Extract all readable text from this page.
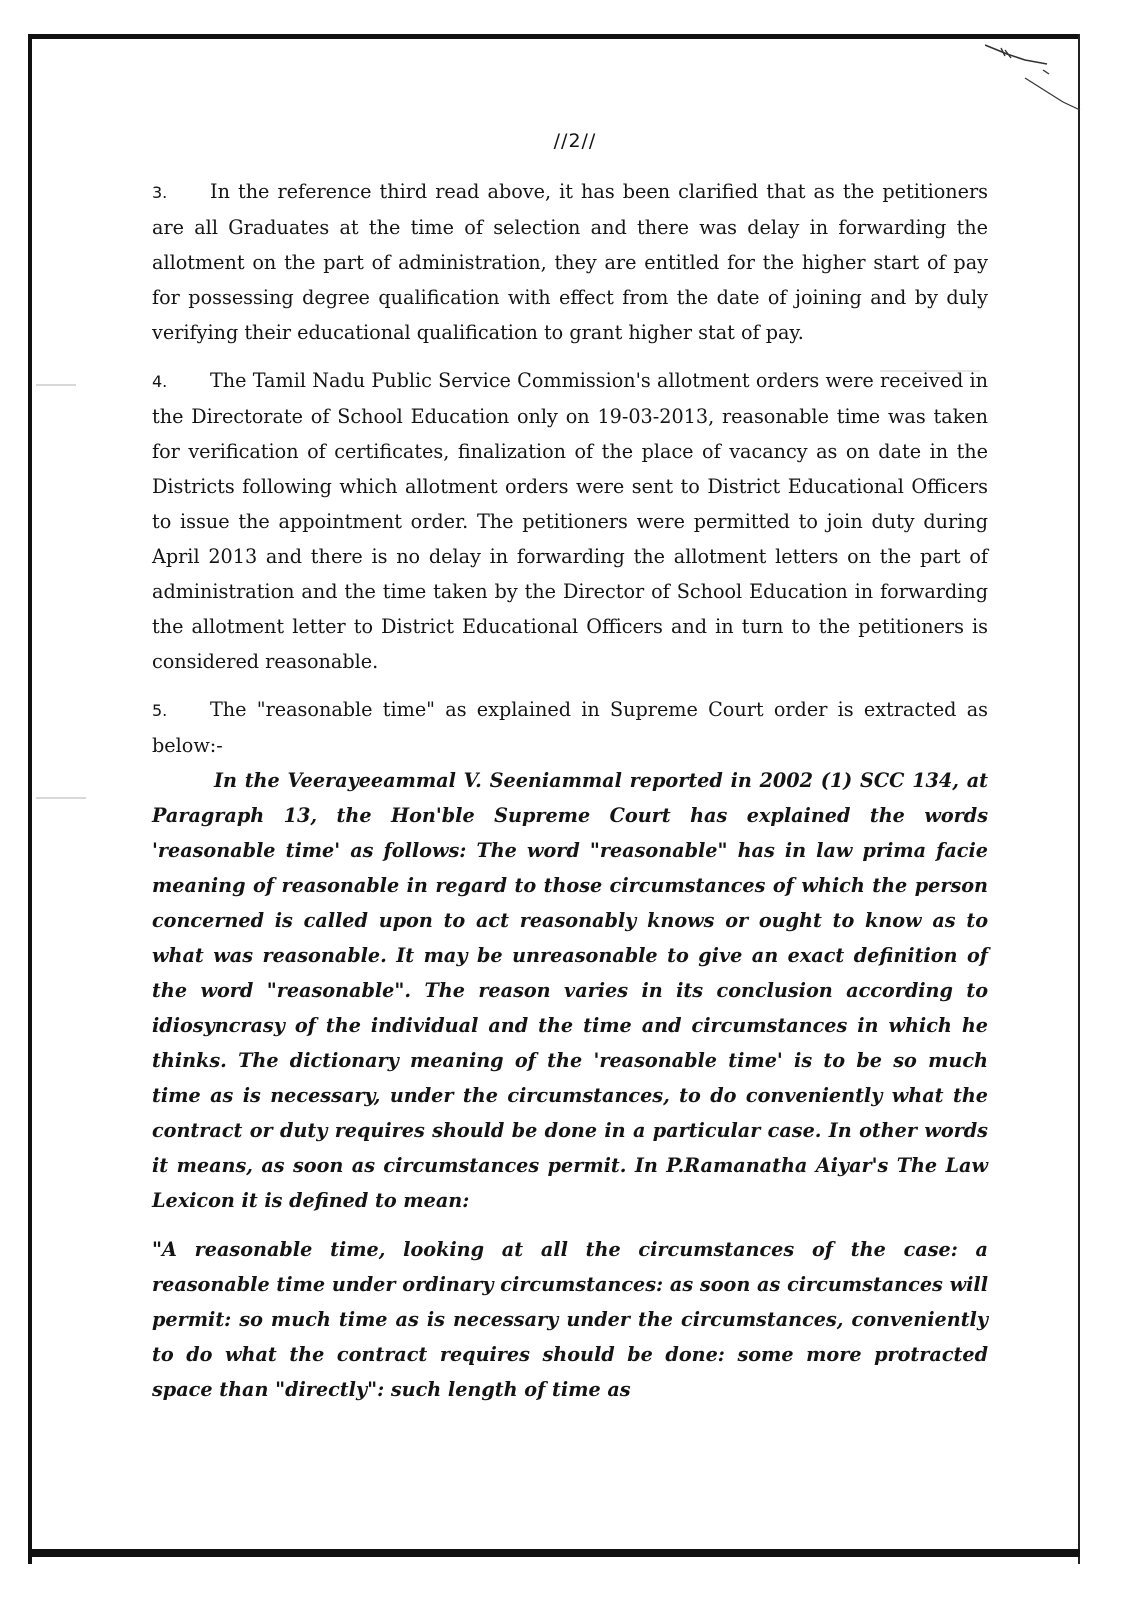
//2//

3. In the reference third read above, it has been clarified that as the petitioners are all Graduates at the time of selection and there was delay in forwarding the allotment on the part of administration, they are entitled for the higher start of pay for possessing degree qualification with effect from the date of joining and by duly verifying their educational qualification to grant higher stat of pay.

4. The Tamil Nadu Public Service Commission's allotment orders were received in the Directorate of School Education only on 19-03-2013, reasonable time was taken for verification of certificates, finalization of the place of vacancy as on date in the Districts following which allotment orders were sent to District Educational Officers to issue the appointment order. The petitioners were permitted to join duty during April 2013 and there is no delay in forwarding the allotment letters on the part of administration and the time taken by the Director of School Education in forwarding the allotment letter to District Educational Officers and in turn to the petitioners is considered reasonable.

5. The "reasonable time" as explained in Supreme Court order is extracted as below:-

In the Veerayeeammal V. Seeniammal reported in 2002 (1) SCC 134, at Paragraph 13, the Hon'ble Supreme Court has explained the words 'reasonable time' as follows: The word "reasonable" has in law prima facie meaning of reasonable in regard to those circumstances of which the person concerned is called upon to act reasonably knows or ought to know as to what was reasonable. It may be unreasonable to give an exact definition of the word "reasonable". The reason varies in its conclusion according to idiosyncrasy of the individual and the time and circumstances in which he thinks. The dictionary meaning of the 'reasonable time' is to be so much time as is necessary, under the circumstances, to do conveniently what the contract or duty requires should be done in a particular case. In other words it means, as soon as circumstances permit. In P.Ramanatha Aiyar's The Law Lexicon it is defined to mean:

"A reasonable time, looking at all the circumstances of the case: a reasonable time under ordinary circumstances: as soon as circumstances will permit: so much time as is necessary under the circumstances, conveniently to do what the contract requires should be done: some more protracted space than "directly": such length of time as
